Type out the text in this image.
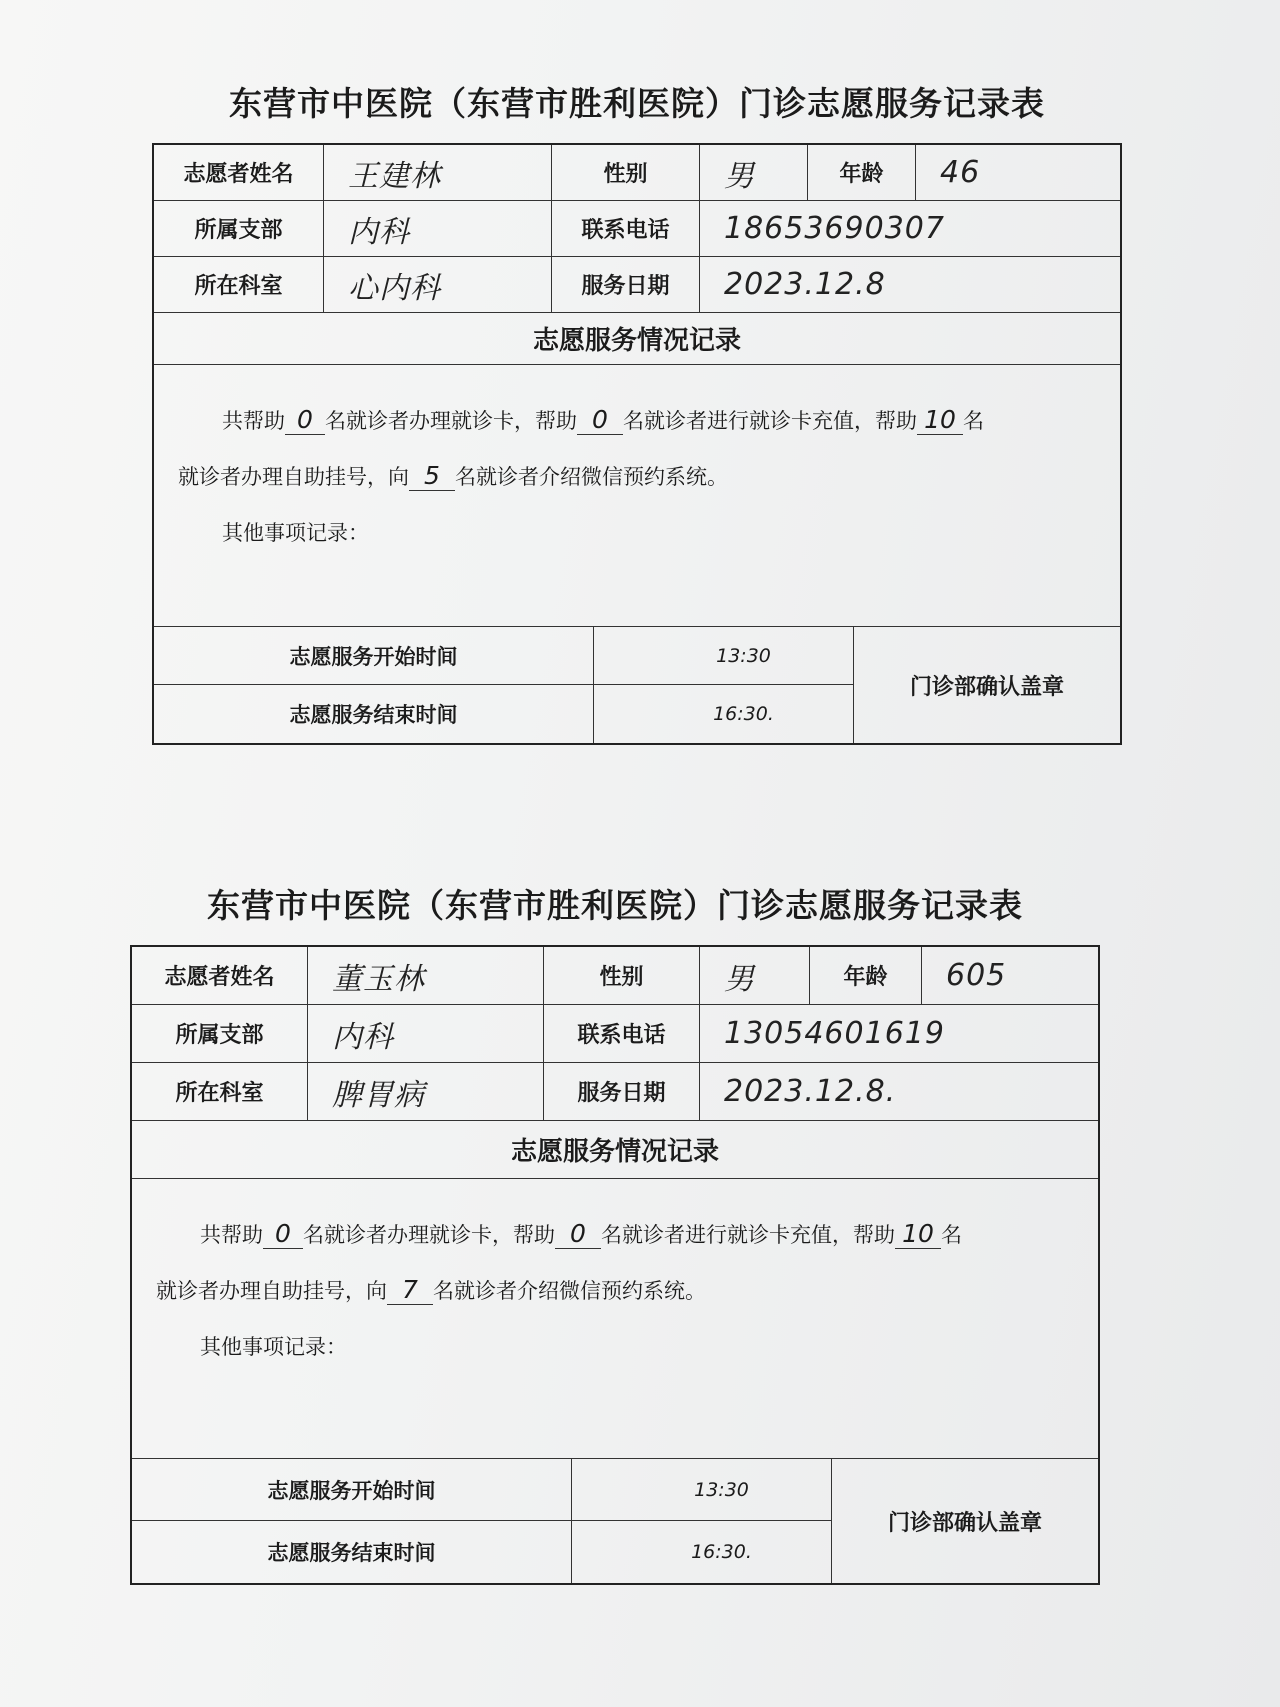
东营市中医院（东营市胜利医院）门诊志愿服务记录表
志愿者姓名	王建林	性别	男	年龄	46
所属支部	内科	联系电话	18653690307
所在科室	心内科	服务日期	2023.12.8
志愿服务情况记录

共帮助 0 名就诊者办理就诊卡，帮助 0 名就诊者进行就诊卡充值，帮助 10 名

就诊者办理自助挂号，向 5 名就诊者介绍微信预约系统。

其他事项记录：

志愿服务开始时间	13:30
志愿服务结束时间	16:30.
门诊部确认盖章
东营市中医院（东营市胜利医院）门诊志愿服务记录表
志愿者姓名	董玉林	性别	男	年龄	605
所属支部	内科	联系电话	13054601619
所在科室	脾胃病	服务日期	2023.12.8.
志愿服务情况记录

共帮助 0 名就诊者办理就诊卡，帮助 0 名就诊者进行就诊卡充值，帮助 10 名

就诊者办理自助挂号，向 7 名就诊者介绍微信预约系统。

其他事项记录：

志愿服务开始时间	13:30
志愿服务结束时间	16:30.
门诊部确认盖章
